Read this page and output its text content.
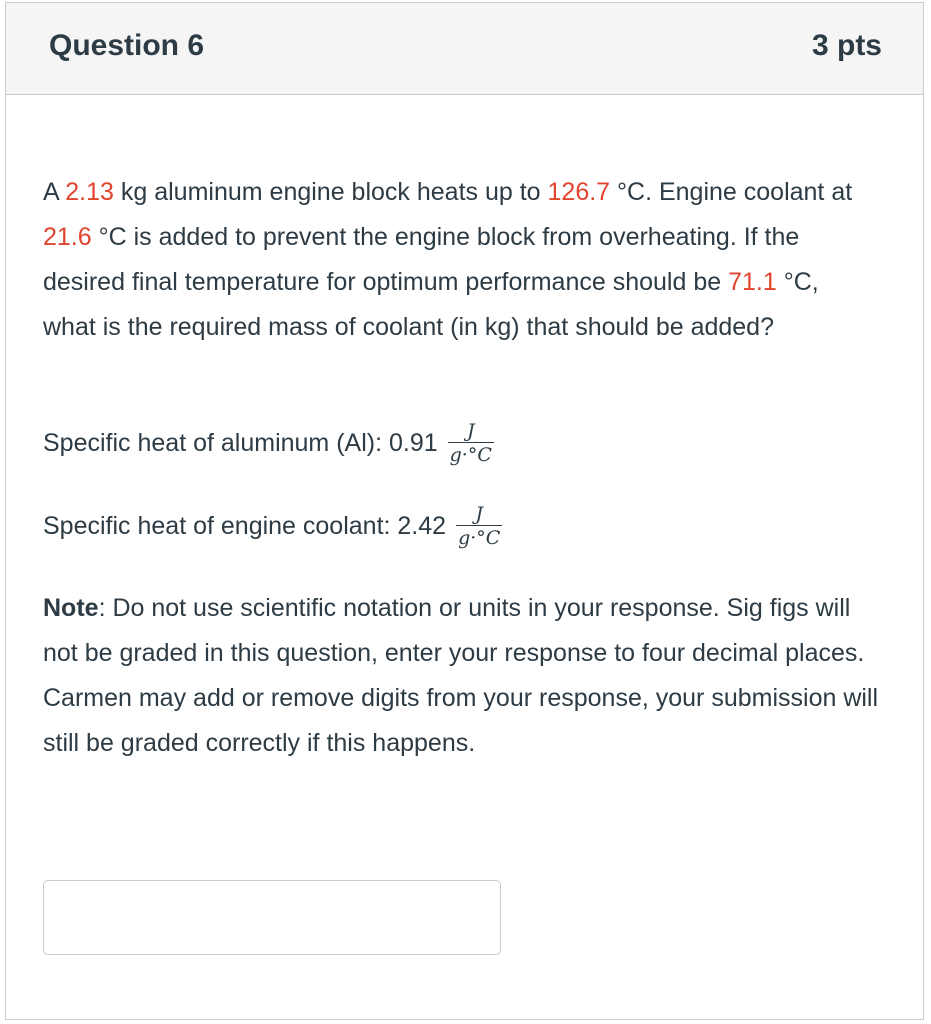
Question 6	3 pts
A 2.13 kg aluminum engine block heats up to 126.7 °C. Engine coolant at 21.6 °C is added to prevent the engine block from overheating. If the desired final temperature for optimum performance should be 71.1 °C, what is the required mass of coolant (in kg) that should be added?
Specific heat of aluminum (Al): $0.91 \frac{J}{g\cdot^\circ C}$
Specific heat of engine coolant: $2.42 \frac{J}{g\cdot^\circ C}$
Note: Do not use scientific notation or units in your response. Sig figs will not be graded in this question, enter your response to four decimal places. Carmen may add or remove digits from your response, your submission will still be graded correctly if this happens.
